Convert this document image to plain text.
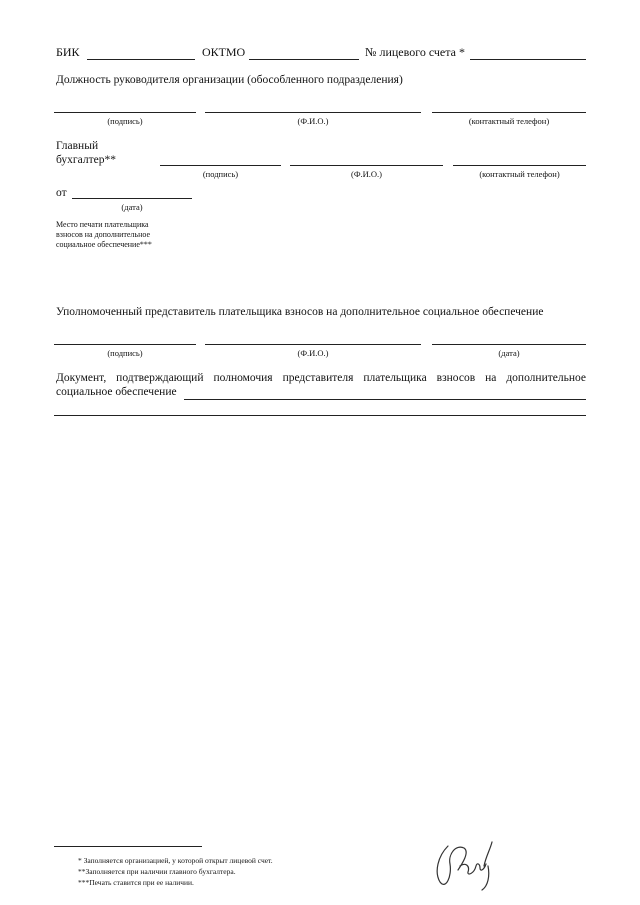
БИК	ОКТМО	№ лицевого счета *
Должность руководителя организации (обособленного подразделения)
(подпись)	(Ф.И.О.)	(контактный телефон)
Главный
бухгалтер**
(подпись)	(Ф.И.О.)	(контактный телефон)
от
(дата)
Место печати плательщика
взносов на дополнительное
социальное обеспечение***
Уполномоченный представитель плательщика взносов на дополнительное социальное обеспечение
(подпись)	(Ф.И.О.)	(дата)
Документ, подтверждающий полномочия представителя плательщика взносов на дополнительное
социальное обеспечение
* Заполняется организацией, у которой открыт лицевой счет.
**Заполняется при наличии главного бухгалтера.
***Печать ставится при ее наличии.
